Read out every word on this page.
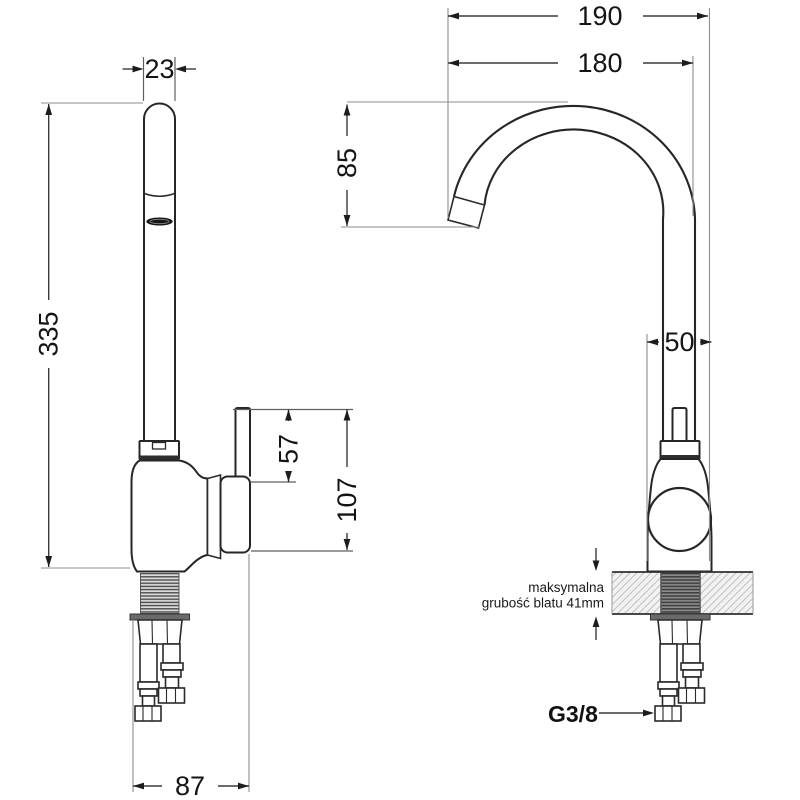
maksymalna
grubość blatu 41mm
G3/8
23
87
190
180
50
335
57
107
85
